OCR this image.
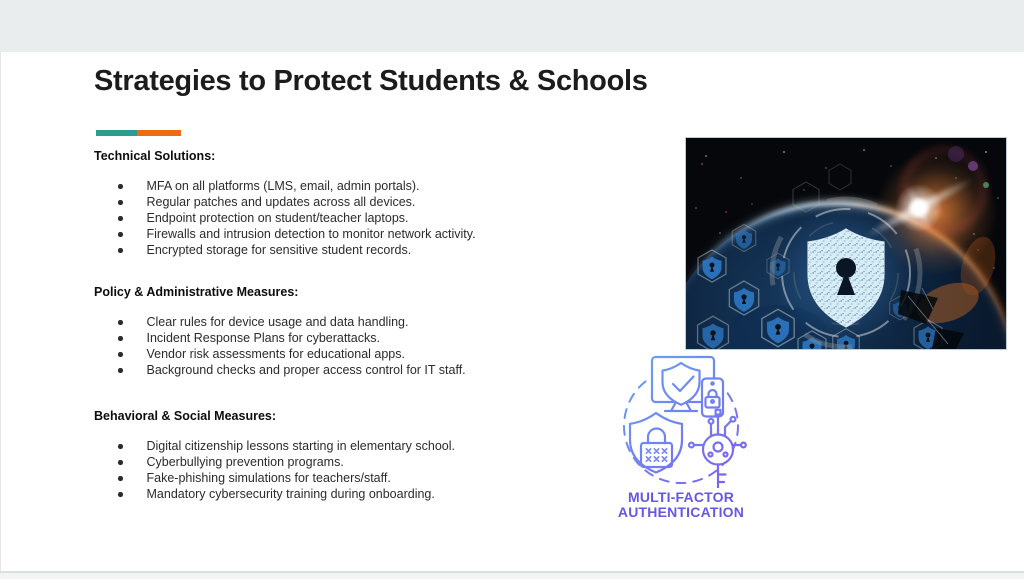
Strategies to Protect Students & Schools
Technical Solutions:
MFA on all platforms (LMS, email, admin portals).
Regular patches and updates across all devices.
Endpoint protection on student/teacher laptops.
Firewalls and intrusion detection to monitor network activity.
Encrypted storage for sensitive student records.
Policy & Administrative Measures:
Clear rules for device usage and data handling.
Incident Response Plans for cyberattacks.
Vendor risk assessments for educational apps.
Background checks and proper access control for IT staff.
Behavioral & Social Measures:
Digital citizenship lessons starting in elementary school.
Cyberbullying prevention programs.
Fake-phishing simulations for teachers/staff.
Mandatory cybersecurity training during onboarding.	MULTI-FACTOR
AUTHENTICATION
